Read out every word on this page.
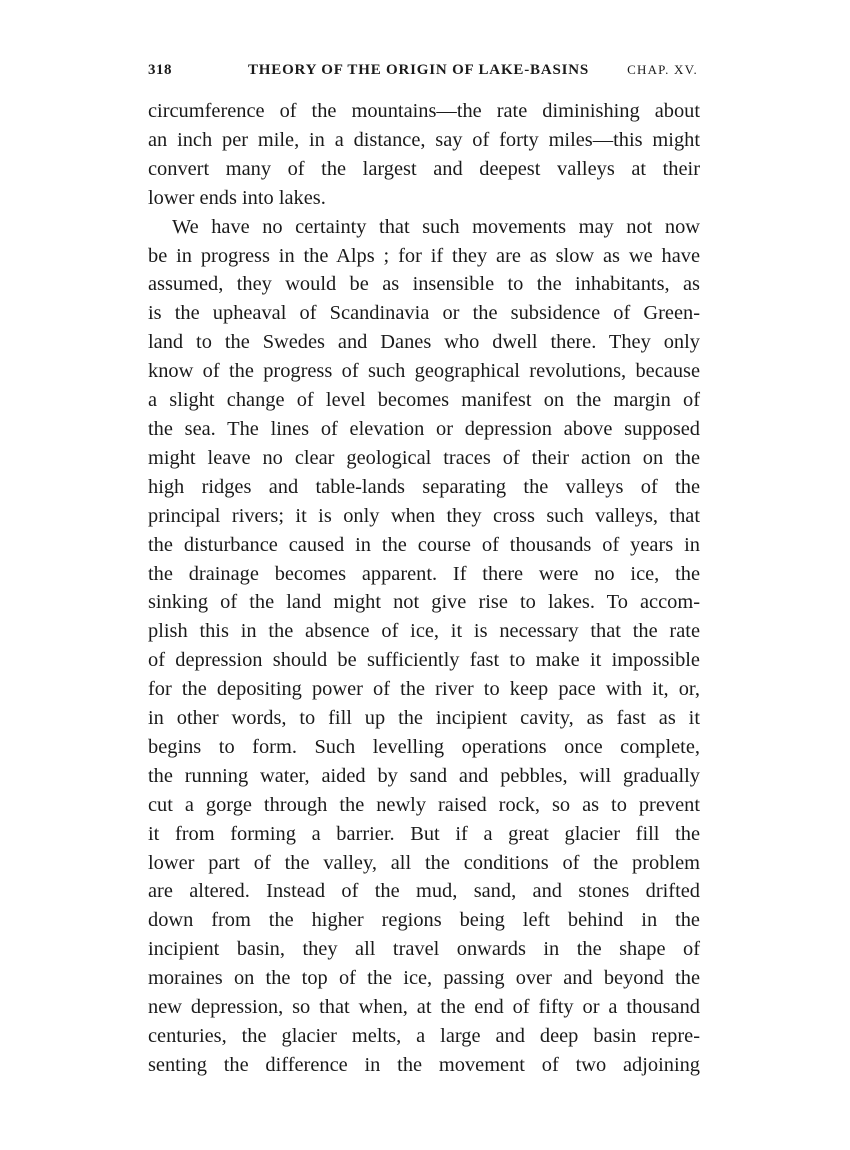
318	THEORY OF THE ORIGIN OF LAKE-BASINS	CHAP. XV.
circumference of the mountains—the rate diminishing about
an inch per mile, in a distance, say of forty miles—this might
convert many of the largest and deepest valleys at their
lower ends into lakes.
We have no certainty that such movements may not now
be in progress in the Alps ; for if they are as slow as we have
assumed, they would be as insensible to the inhabitants, as
is the upheaval of Scandinavia or the subsidence of Green-
land to the Swedes and Danes who dwell there. They only
know of the progress of such geographical revolutions, because
a slight change of level becomes manifest on the margin of
the sea. The lines of elevation or depression above supposed
might leave no clear geological traces of their action on the
high ridges and table-lands separating the valleys of the
principal rivers; it is only when they cross such valleys, that
the disturbance caused in the course of thousands of years in
the drainage becomes apparent. If there were no ice, the
sinking of the land might not give rise to lakes. To accom-
plish this in the absence of ice, it is necessary that the rate
of depression should be sufficiently fast to make it impossible
for the depositing power of the river to keep pace with it, or,
in other words, to fill up the incipient cavity, as fast as it
begins to form. Such levelling operations once complete,
the running water, aided by sand and pebbles, will gradually
cut a gorge through the newly raised rock, so as to prevent
it from forming a barrier. But if a great glacier fill the
lower part of the valley, all the conditions of the problem
are altered. Instead of the mud, sand, and stones drifted
down from the higher regions being left behind in the
incipient basin, they all travel onwards in the shape of
moraines on the top of the ice, passing over and beyond the
new depression, so that when, at the end of fifty or a thousand
centuries, the glacier melts, a large and deep basin repre-
senting the difference in the movement of two adjoining
